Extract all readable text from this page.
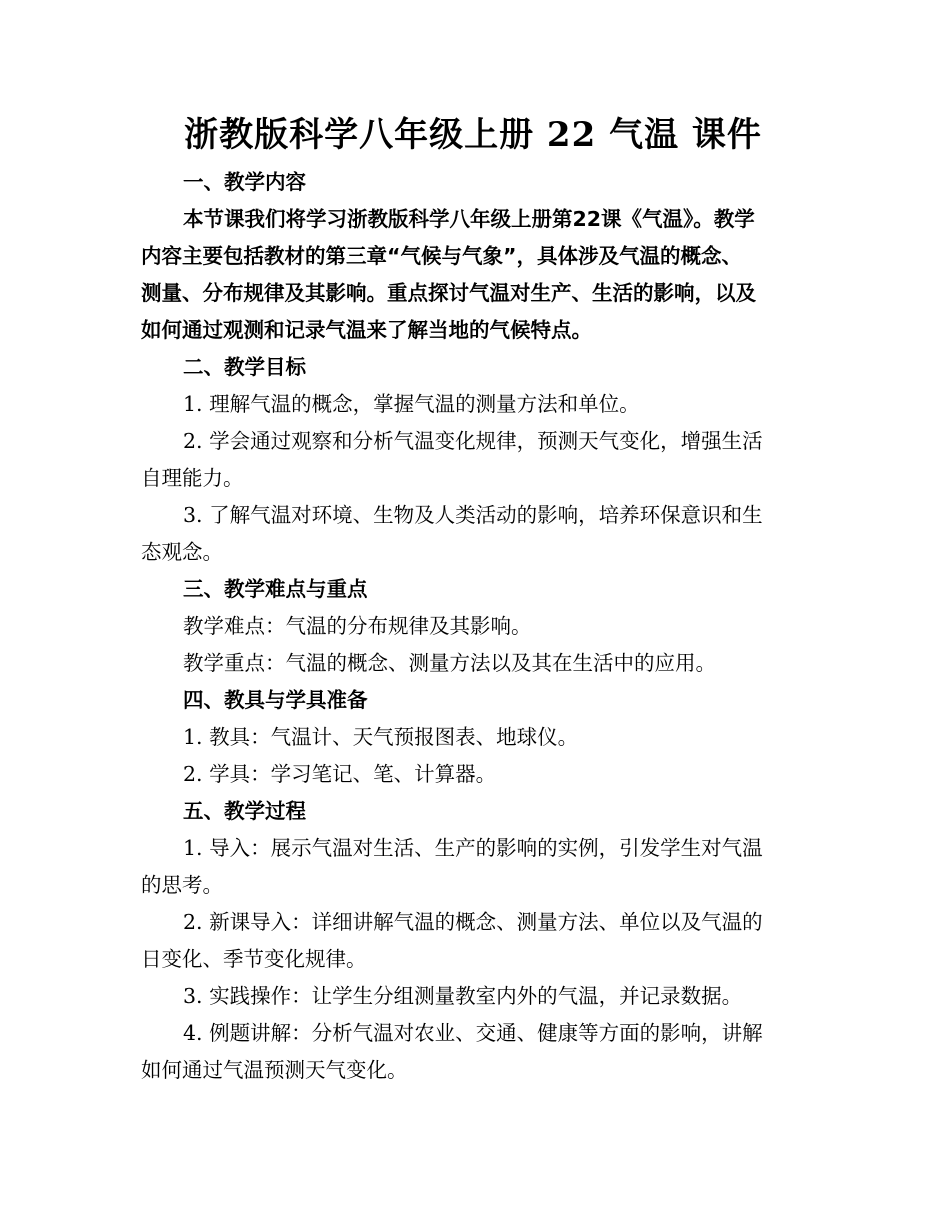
浙教版科学八年级上册 22 气温 课件

一、教学内容

本节课我们将学习浙教版科学八年级上册第22课《气温》。教学

内容主要包括教材的第三章“气候与气象”，具体涉及气温的概念、

测量、分布规律及其影响。重点探讨气温对生产、生活的影响，以及

如何通过观测和记录气温来了解当地的气候特点。

二、教学目标

1. 理解气温的概念，掌握气温的测量方法和单位。

2. 学会通过观察和分析气温变化规律，预测天气变化，增强生活

自理能力。

3. 了解气温对环境、生物及人类活动的影响，培养环保意识和生

态观念。

三、教学难点与重点

教学难点：气温的分布规律及其影响。

教学重点：气温的概念、测量方法以及其在生活中的应用。

四、教具与学具准备

1. 教具：气温计、天气预报图表、地球仪。

2. 学具：学习笔记、笔、计算器。

五、教学过程

1. 导入：展示气温对生活、生产的影响的实例，引发学生对气温

的思考。

2. 新课导入：详细讲解气温的概念、测量方法、单位以及气温的

日变化、季节变化规律。

3. 实践操作：让学生分组测量教室内外的气温，并记录数据。

4. 例题讲解：分析气温对农业、交通、健康等方面的影响，讲解

如何通过气温预测天气变化。
